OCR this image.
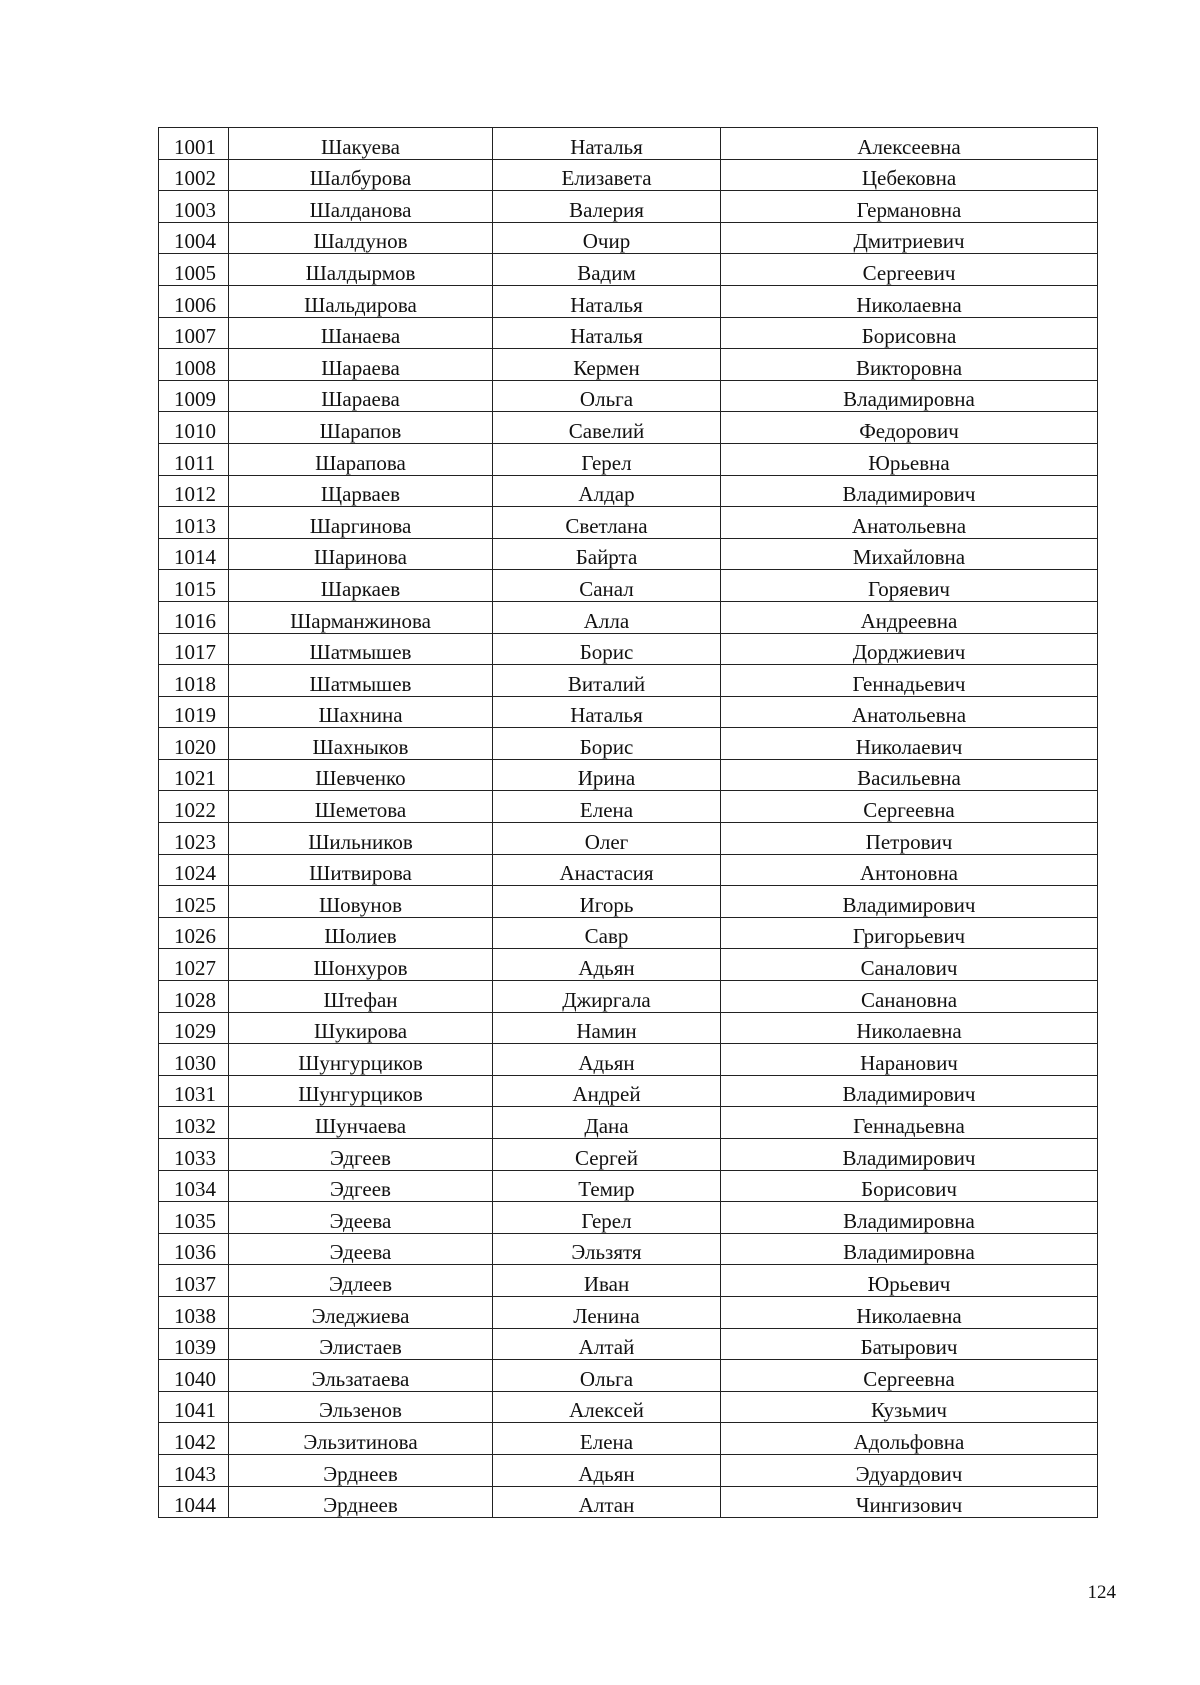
1001	Шакуева	Наталья	Алексеевна
1002	Шалбурова	Елизавета	Цебековна
1003	Шалданова	Валерия	Германовна
1004	Шалдунов	Очир	Дмитриевич
1005	Шалдырмов	Вадим	Сергеевич
1006	Шальдирова	Наталья	Николаевна
1007	Шанаева	Наталья	Борисовна
1008	Шараева	Кермен	Викторовна
1009	Шараева	Ольга	Владимировна
1010	Шарапов	Савелий	Федорович
1011	Шарапова	Герел	Юрьевна
1012	Щарваев	Алдар	Владимирович
1013	Шаргинова	Светлана	Анатольевна
1014	Шаринова	Байрта	Михайловна
1015	Шаркаев	Санал	Горяевич
1016	Шарманжинова	Алла	Андреевна
1017	Шатмышев	Борис	Дорджиевич
1018	Шатмышев	Виталий	Геннадьевич
1019	Шахнина	Наталья	Анатольевна
1020	Шахныков	Борис	Николаевич
1021	Шевченко	Ирина	Васильевна
1022	Шеметова	Елена	Сергеевна
1023	Шильников	Олег	Петрович
1024	Шитвирова	Анастасия	Антоновна
1025	Шовунов	Игорь	Владимирович
1026	Шолиев	Савр	Григорьевич
1027	Шонхуров	Адьян	Саналович
1028	Штефан	Джиргала	Санановна
1029	Шукирова	Намин	Николаевна
1030	Шунгурциков	Адьян	Наранович
1031	Шунгурциков	Андрей	Владимирович
1032	Шунчаева	Дана	Геннадьевна
1033	Эдгеев	Сергей	Владимирович
1034	Эдгеев	Темир	Борисович
1035	Эдеева	Герел	Владимировна
1036	Эдеева	Эльзятя	Владимировна
1037	Эдлеев	Иван	Юрьевич
1038	Эледжиева	Ленина	Николаевна
1039	Элистаев	Алтай	Батырович
1040	Эльзатаева	Ольга	Сергеевна
1041	Эльзенов	Алексей	Кузьмич
1042	Эльзитинова	Елена	Адольфовна
1043	Эрднеев	Адьян	Эдуардович
1044	Эрднеев	Алтан	Чингизович
124
